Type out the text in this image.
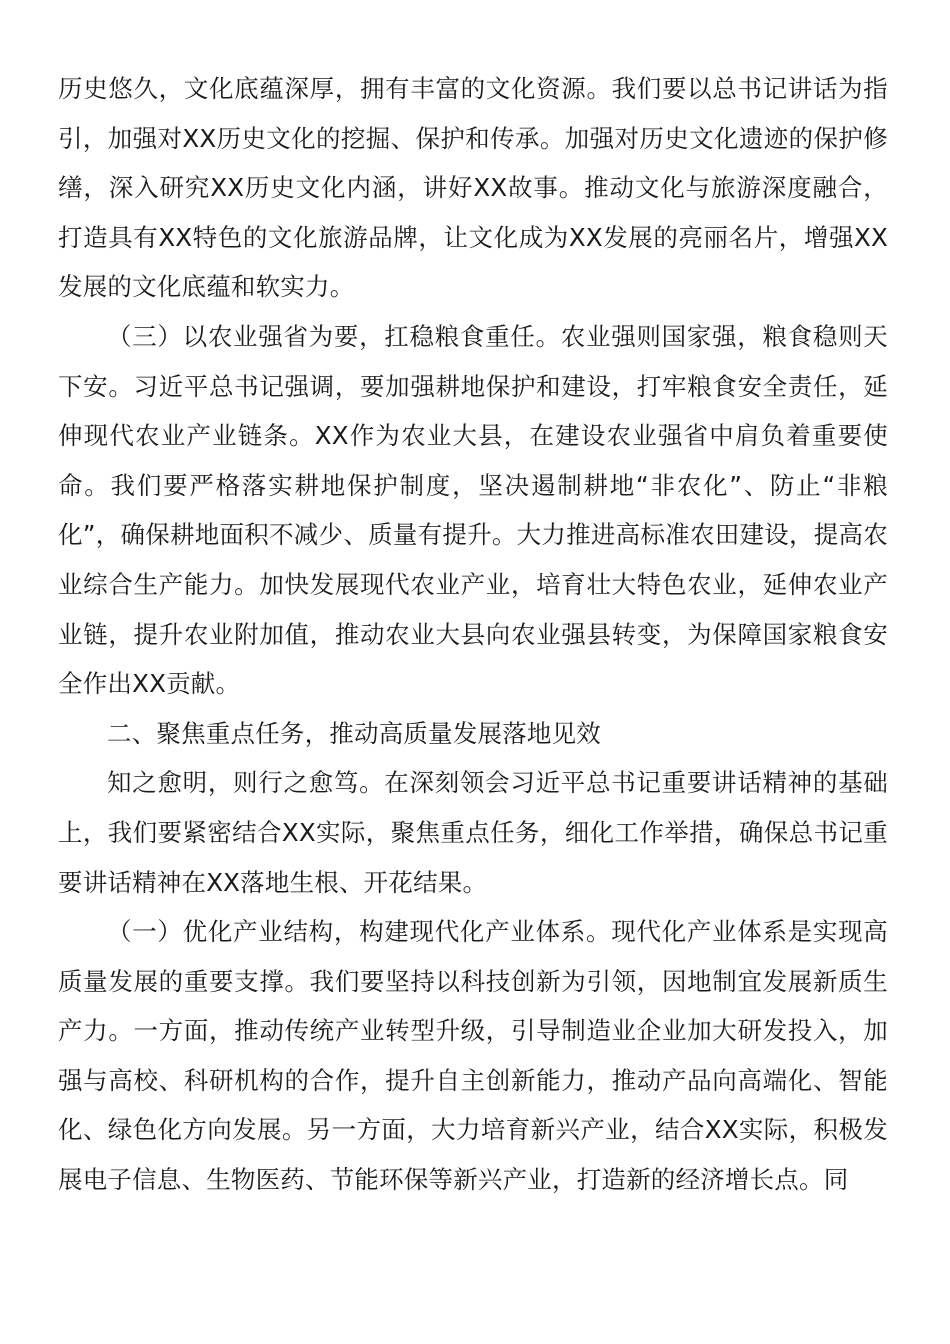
历史悠久，文化底蕴深厚，拥有丰富的文化资源。我们要以总书记讲话为指引，加强对XX历史文化的挖掘、保护和传承。加强对历史文化遗迹的保护修缮，深入研究XX历史文化内涵，讲好XX故事。推动文化与旅游深度融合，打造具有XX特色的文化旅游品牌，让文化成为XX发展的亮丽名片，增强XX发展的文化底蕴和软实力。

（三）以农业强省为要，扛稳粮食重任。农业强则国家强，粮食稳则天下安。习近平总书记强调，要加强耕地保护和建设，打牢粮食安全责任，延伸现代农业产业链条。XX作为农业大县，在建设农业强省中肩负着重要使命。我们要严格落实耕地保护制度，坚决遏制耕地“非农化”、防止“非粮化”，确保耕地面积不减少、质量有提升。大力推进高标准农田建设，提高农业综合生产能力。加快发展现代农业产业，培育壮大特色农业，延伸农业产业链，提升农业附加值，推动农业大县向农业强县转变，为保障国家粮食安全作出XX贡献。

二、聚焦重点任务，推动高质量发展落地见效

知之愈明，则行之愈笃。在深刻领会习近平总书记重要讲话精神的基础上，我们要紧密结合XX实际，聚焦重点任务，细化工作举措，确保总书记重要讲话精神在XX落地生根、开花结果。

（一）优化产业结构，构建现代化产业体系。现代化产业体系是实现高质量发展的重要支撑。我们要坚持以科技创新为引领，因地制宜发展新质生产力。一方面，推动传统产业转型升级，引导制造业企业加大研发投入，加强与高校、科研机构的合作，提升自主创新能力，推动产品向高端化、智能化、绿色化方向发展。另一方面，大力培育新兴产业，结合XX实际，积极发展电子信息、生物医药、节能环保等新兴产业，打造新的经济增长点。同
